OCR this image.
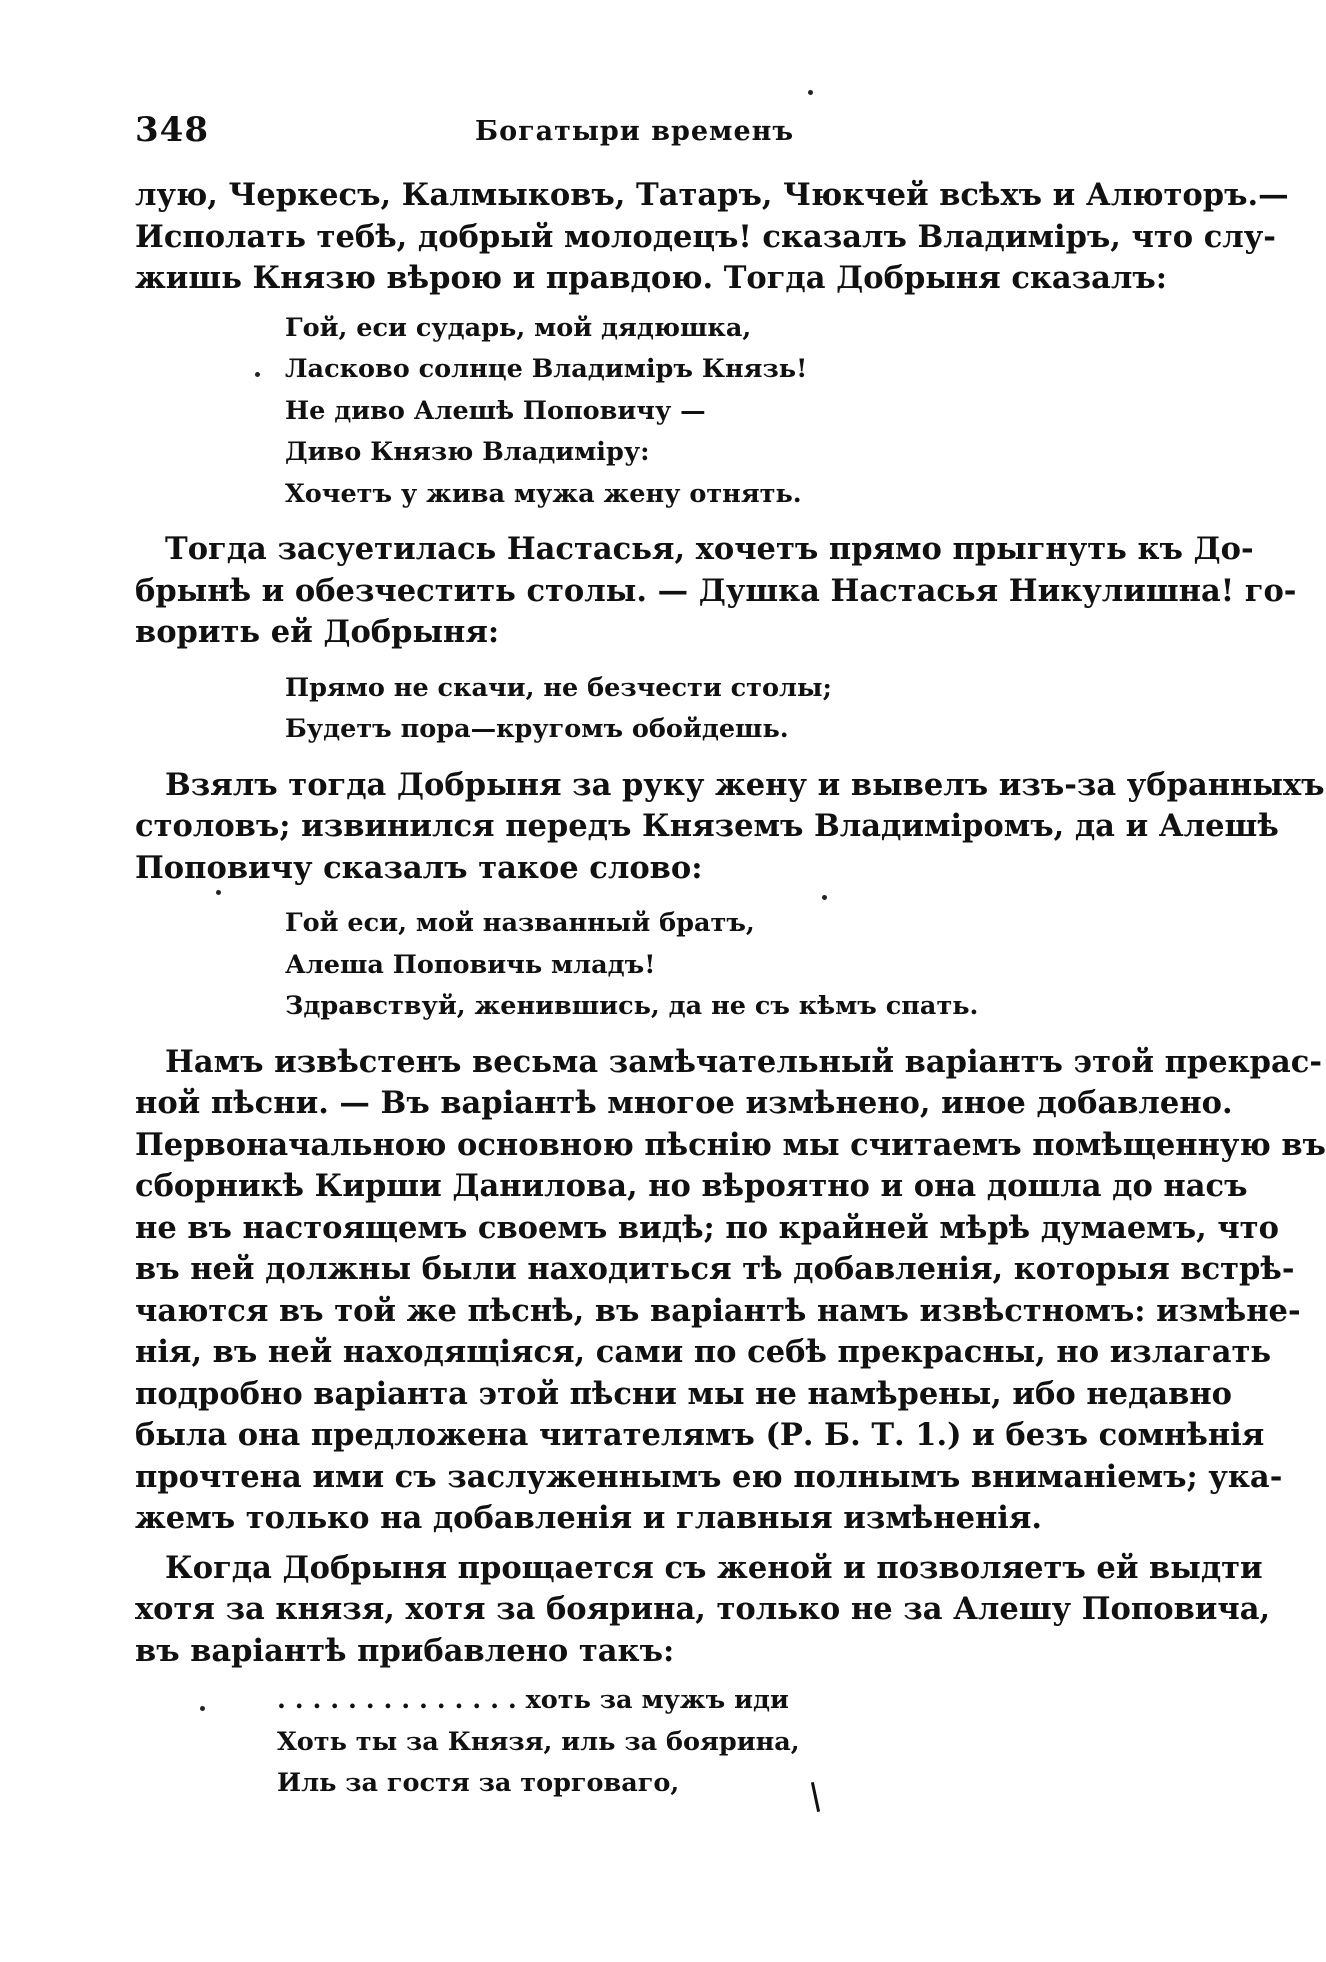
348	Богатыри временъ
лую, Черкесъ, Калмыковъ, Татаръ, Чюкчей всѣхъ и Алюторъ.—
Исполать тебѣ, добрый молодецъ! сказалъ Владиміръ, что слу-
жишь Князю вѣрою и правдою. Тогда Добрыня сказалъ:
Гой, еси сударь, мой дядюшка,
Ласково солнце Владиміръ Князь!
Не диво Алешѣ Поповичу —
Диво Князю Владиміру:
Хочетъ у жива мужа жену отнять.
Тогда засуетилась Настасья, хочетъ прямо прыгнуть къ До-
брынѣ и обезчестить столы. — Душка Настасья Никулишна! го-
ворить ей Добрыня:
Прямо не скачи, не безчести столы;
Будетъ пора—кругомъ обойдешь.
Взялъ тогда Добрыня за руку жену и вывелъ изъ-за убранныхъ
столовъ; извинился передъ Княземъ Владиміромъ, да и Алешѣ
Поповичу сказалъ такое слово:
Гой еси, мой названный братъ,
Алеша Поповичь младъ!
Здравствуй, женившись, да не съ кѣмъ спать.
Намъ извѣстенъ весьма замѣчательный варіантъ этой прекрас-
ной пѣсни. — Въ варіантѣ многое измѣнено, иное добавлено.
Первоначальною основною пѣснію мы считаемъ помѣщенную въ
сборникѣ Кирши Данилова, но вѣроятно и она дошла до насъ
не въ настоящемъ своемъ видѣ; по крайней мѣрѣ думаемъ, что
въ ней должны были находиться тѣ добавленія, которыя встрѣ-
чаются въ той же пѣснѣ, въ варіантѣ намъ извѣстномъ: измѣне-
нія, въ ней находящіяся, сами по себѣ прекрасны, но излагать
подробно варіанта этой пѣсни мы не намѣрены, ибо недавно
была она предложена читателямъ (Р. Б. Т. 1.) и безъ сомнѣнія
прочтена ими съ заслуженнымъ ею полнымъ вниманіемъ; ука-
жемъ только на добавленія и главныя измѣненія.
Когда Добрыня прощается съ женой и позволяетъ ей выдти
хотя за князя, хотя за боярина, только не за Алешу Поповича,
въ варіантѣ прибавлено такъ:
. . . . . . . . . . . . . . хоть за мужъ иди
Хоть ты за Князя, иль за боярина,
Иль за гостя за торговаго,
